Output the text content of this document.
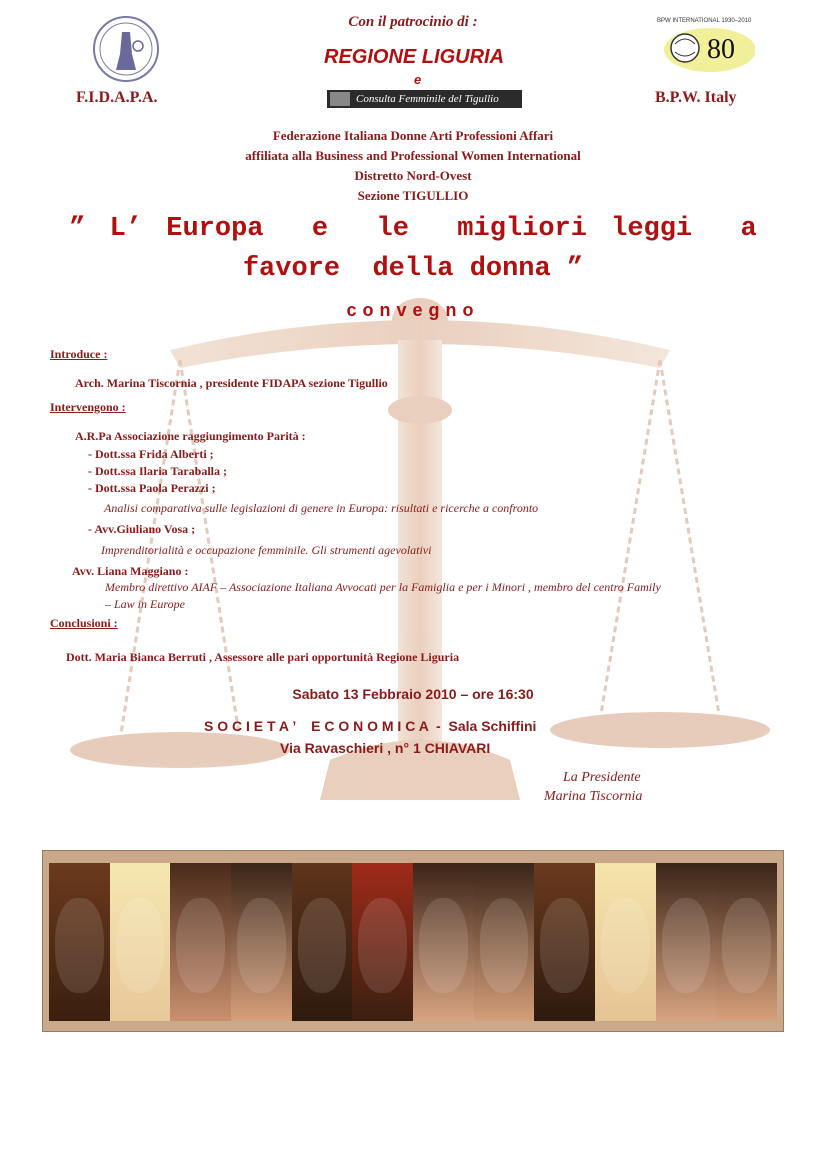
F.I.D.A.P.A.
Con il patrocinio di :
REGIONE LIGURIA
e
Consulta Femminile del Tigullio
BPW INTERNATIONAL 1930–2010
80
B.P.W. Italy
Federazione Italiana Donne Arti Professioni Affari
affiliata alla Business and Professional Women International
Distretto Nord-Ovest
Sezione TIGULLIO
” L’ Europa  e  le  migliori leggi  a
favore  della donna ”
convegno
Introduce :
Arch. Marina Tiscornia , presidente FIDAPA sezione Tigullio
Intervengono :
A.R.Pa Associazione raggiungimento Parità :
- Dott.ssa Frida Alberti ;
- Dott.ssa Ilaria Taraballa ;
- Dott.ssa Paola Perazzi ;
Analisi comparativa sulle legislazioni di genere in Europa: risultati e ricerche a confronto
- Avv.Giuliano Vosa ;
Imprenditorialità e occupazione femminile. Gli strumenti agevolativi
Avv. Liana Maggiano :
Membro direttivo AIAF – Associazione Italiana Avvocati per la Famiglia e per i Minori , membro del centro Family
– Law in Europe
Conclusioni :
Dott. Maria Bianca Berruti , Assessore alle pari opportunità Regione Liguria
Sabato 13 Febbraio 2010 – ore 16:30
S O C I E T A ’    E C O N O M I C A  -  Sala Schiffini
Via Ravaschieri , n° 1 CHIAVARI
La Presidente
Marina Tiscornia
